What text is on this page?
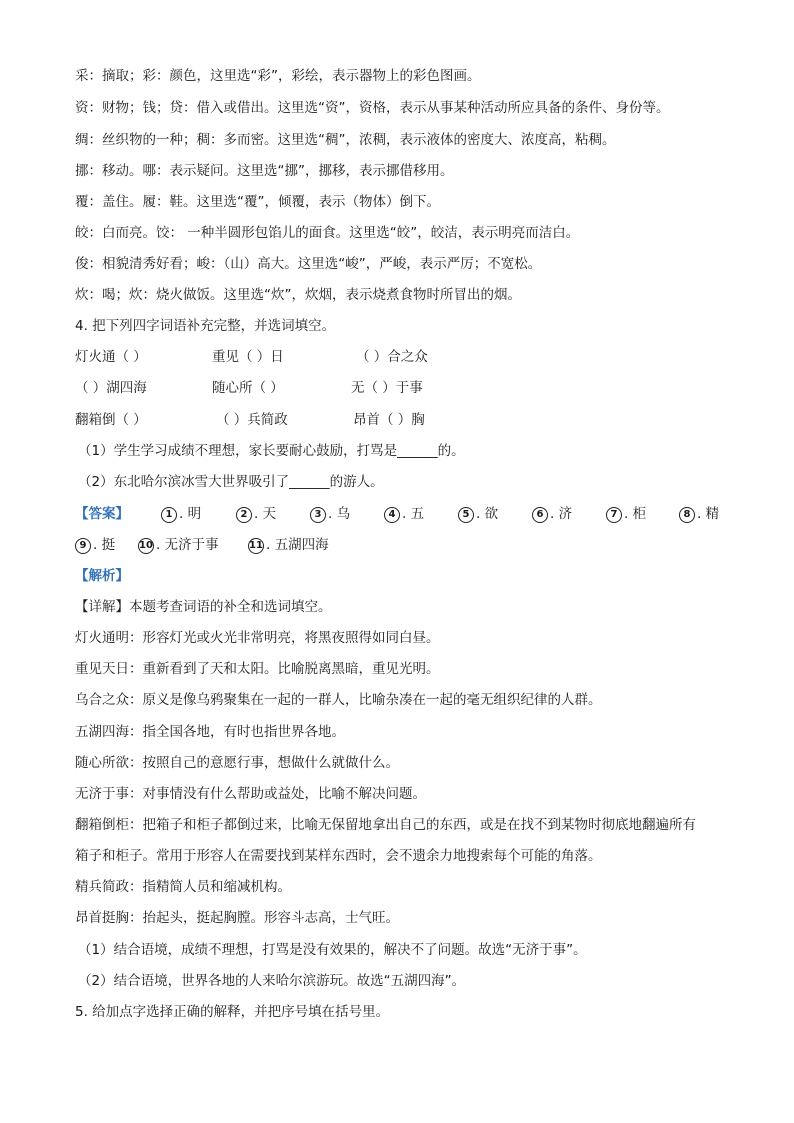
采：摘取；彩：颜色，这里选“彩”，彩绘，表示器物上的彩色图画。
资：财物；钱；贷：借入或借出。这里选“资”，资格，表示从事某种活动所应具备的条件、身份等。
绸：丝织物的一种；稠：多而密。这里选“稠”，浓稠，表示液体的密度大、浓度高，粘稠。
挪：移动。哪：表示疑问。这里选“挪”，挪移，表示挪借移用。
覆：盖住。履：鞋。这里选“覆”，倾覆，表示（物体）倒下。
皎：白而亮。饺： 一种半圆形包馅儿的面食。这里选“皎”，皎洁，表示明亮而洁白。
俊：相貌清秀好看；峻：（山）高大。这里选“峻”，严峻，表示严厉；不宽松。
炊：喝；炊：烧火做饭。这里选“炊”，炊烟，表示烧煮食物时所冒出的烟。
4. 把下列四字词语补充完整，并选词填空。
灯火通（ ）	重见（ ）日	（ ）合之众
（ ）湖四海	随心所（ ）	无（ ）于事
翻箱倒（ ）	（ ）兵简政	昂首（ ）胸
（1）学生学习成绩不理想，家长要耐心鼓励，打骂是______的。
（2）东北哈尔滨冰雪大世界吸引了______的游人。
【答案】	1 . 明	2 . 天	3 . 乌	4 . 五	5 . 欲	6 . 济	7 . 柜	8 . 精
9 . 挺 10 . 无济于事	11 . 五湖四海
【解析】
【详解】本题考查词语的补全和选词填空。
灯火通明：形容灯光或火光非常明亮，将黑夜照得如同白昼。
重见天日：重新看到了天和太阳。比喻脱离黑暗，重见光明。
乌合之众：原义是像乌鸦聚集在一起的一群人，比喻杂凑在一起的毫无组织纪律的人群。
五湖四海：指全国各地，有时也指世界各地。
随心所欲：按照自己的意愿行事，想做什么就做什么。
无济于事：对事情没有什么帮助或益处，比喻不解决问题。
翻箱倒柜：把箱子和柜子都倒过来，比喻无保留地拿出自己的东西，或是在找不到某物时彻底地翻遍所有
箱子和柜子。常用于形容人在需要找到某样东西时，会不遗余力地搜索每个可能的角落。
精兵简政：指精简人员和缩减机构。
昂首挺胸：抬起头，挺起胸膛。形容斗志高，士气旺。
（1）结合语境，成绩不理想，打骂是没有效果的，解决不了问题。故选“无济于事”。
（2）结合语境，世界各地的人来哈尔滨游玩。故选“五湖四海”。
5. 给加点字选择正确的解释，并把序号填在括号里。
